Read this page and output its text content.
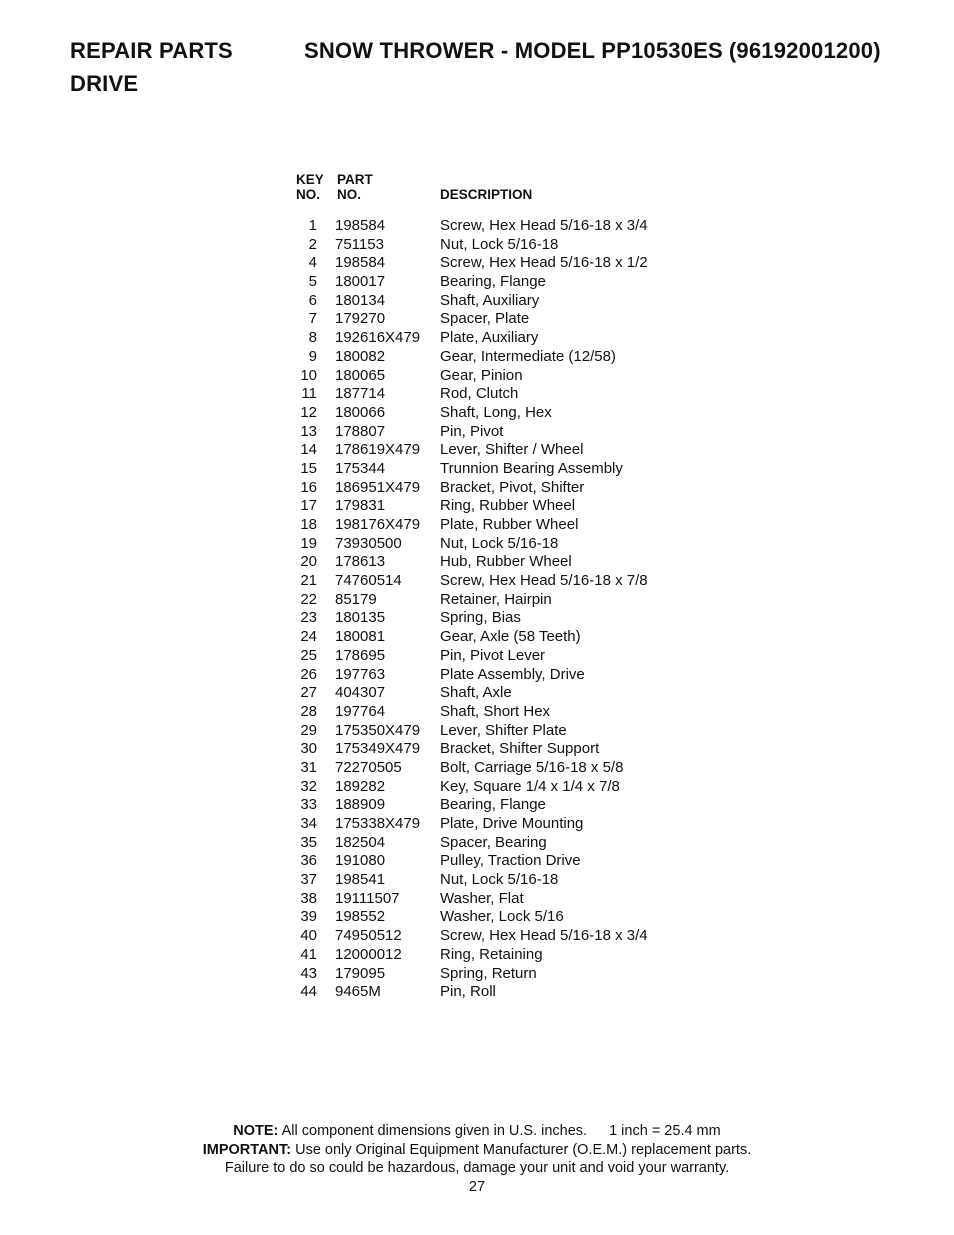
REPAIR PARTS	SNOW THROWER - MODEL PP10530ES (96192001200)
DRIVE
KEY
NO.
PART
NO.	DESCRIPTION
1 198584	Screw, Hex Head 5/16-18 x 3/4
2 751153	Nut, Lock 5/16-18
4 198584	Screw, Hex Head 5/16-18 x 1/2
5 180017	Bearing, Flange
6 180134	Shaft, Auxiliary
7 179270	Spacer, Plate
8 192616X479 Plate, Auxiliary
9 180082	Gear, Intermediate (12/58)
10 180065	Gear, Pinion
11 187714	Rod, Clutch
12 180066	Shaft, Long, Hex
13 178807	Pin, Pivot
14 178619X479 Lever, Shifter / Wheel
15 175344	Trunnion Bearing Assembly
16 186951X479 Bracket, Pivot, Shifter
17 179831	Ring, Rubber Wheel
18 198176X479 Plate, Rubber Wheel
19 73930500	Nut, Lock 5/16-18
20 178613	Hub, Rubber Wheel
21 74760514	Screw, Hex Head 5/16-18 x 7/8
22 85179	Retainer, Hairpin
23 180135	Spring, Bias
24 180081	Gear, Axle (58 Teeth)
25 178695	Pin, Pivot Lever
26 197763	Plate Assembly, Drive
27 404307	Shaft, Axle
28 197764	Shaft, Short Hex
29 175350X479 Lever, Shifter Plate
30 175349X479 Bracket, Shifter Support
31 72270505	Bolt, Carriage 5/16-18 x 5/8
32 189282	Key, Square 1/4 x 1/4 x 7/8
33 188909	Bearing, Flange
34 175338X479 Plate, Drive Mounting
35 182504	Spacer, Bearing
36 191080	Pulley, Traction Drive
37 198541	Nut, Lock 5/16-18
38 19111507	Washer, Flat
39 198552	Washer, Lock 5/16
40 74950512	Screw, Hex Head 5/16-18 x 3/4
41 12000012	Ring, Retaining
43 179095	Spring, Return
44 9465M	Pin, Roll
NOTE: All component dimensions given in U.S. inches. 1 inch = 25.4 mm
IMPORTANT: Use only Original Equipment Manufacturer (O.E.M.) replacement parts.
Failure to do so could be hazardous, damage your unit and void your warranty.
27
